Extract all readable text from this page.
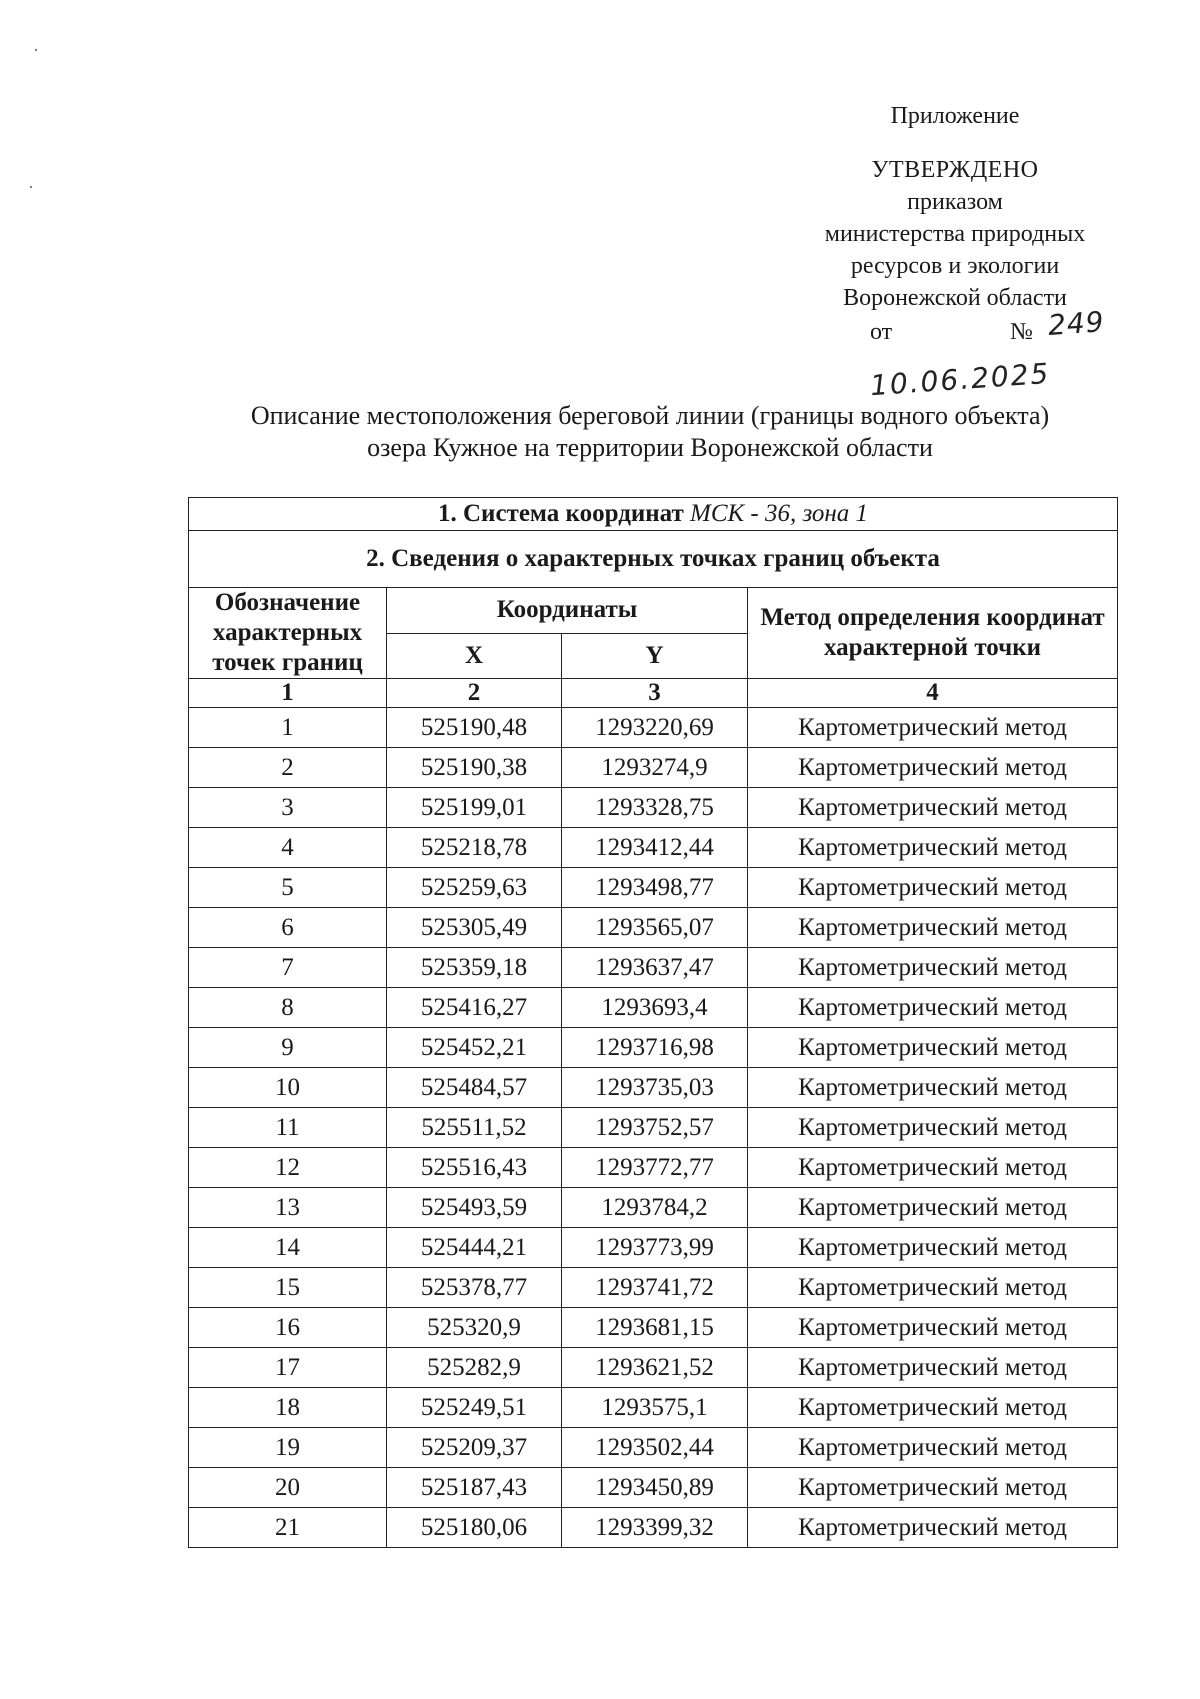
Приложение
УТВЕРЖДЕНО
приказом
министерства природных
ресурсов и экологии
Воронежской области
от	№ 249
10.06.2025
Описание местоположения береговой линии (границы водного объекта)
озера Кужное на территории Воронежской области
1. Система координат МСК - 36, зона 1			
2. Сведения о характерных точках границ объекта			
Обозначение характерных точек границ	Координаты		Метод определения координат характерной точки
	X	Y	
1	2	3	4
1	525190,48	1293220,69	Картометрический метод
2	525190,38	1293274,9	Картометрический метод
3	525199,01	1293328,75	Картометрический метод
4	525218,78	1293412,44	Картометрический метод
5	525259,63	1293498,77	Картометрический метод
6	525305,49	1293565,07	Картометрический метод
7	525359,18	1293637,47	Картометрический метод
8	525416,27	1293693,4	Картометрический метод
9	525452,21	1293716,98	Картометрический метод
10	525484,57	1293735,03	Картометрический метод
11	525511,52	1293752,57	Картометрический метод
12	525516,43	1293772,77	Картометрический метод
13	525493,59	1293784,2	Картометрический метод
14	525444,21	1293773,99	Картометрический метод
15	525378,77	1293741,72	Картометрический метод
16	525320,9	1293681,15	Картометрический метод
17	525282,9	1293621,52	Картометрический метод
18	525249,51	1293575,1	Картометрический метод
19	525209,37	1293502,44	Картометрический метод
20	525187,43	1293450,89	Картометрический метод
21	525180,06	1293399,32	Картометрический метод
